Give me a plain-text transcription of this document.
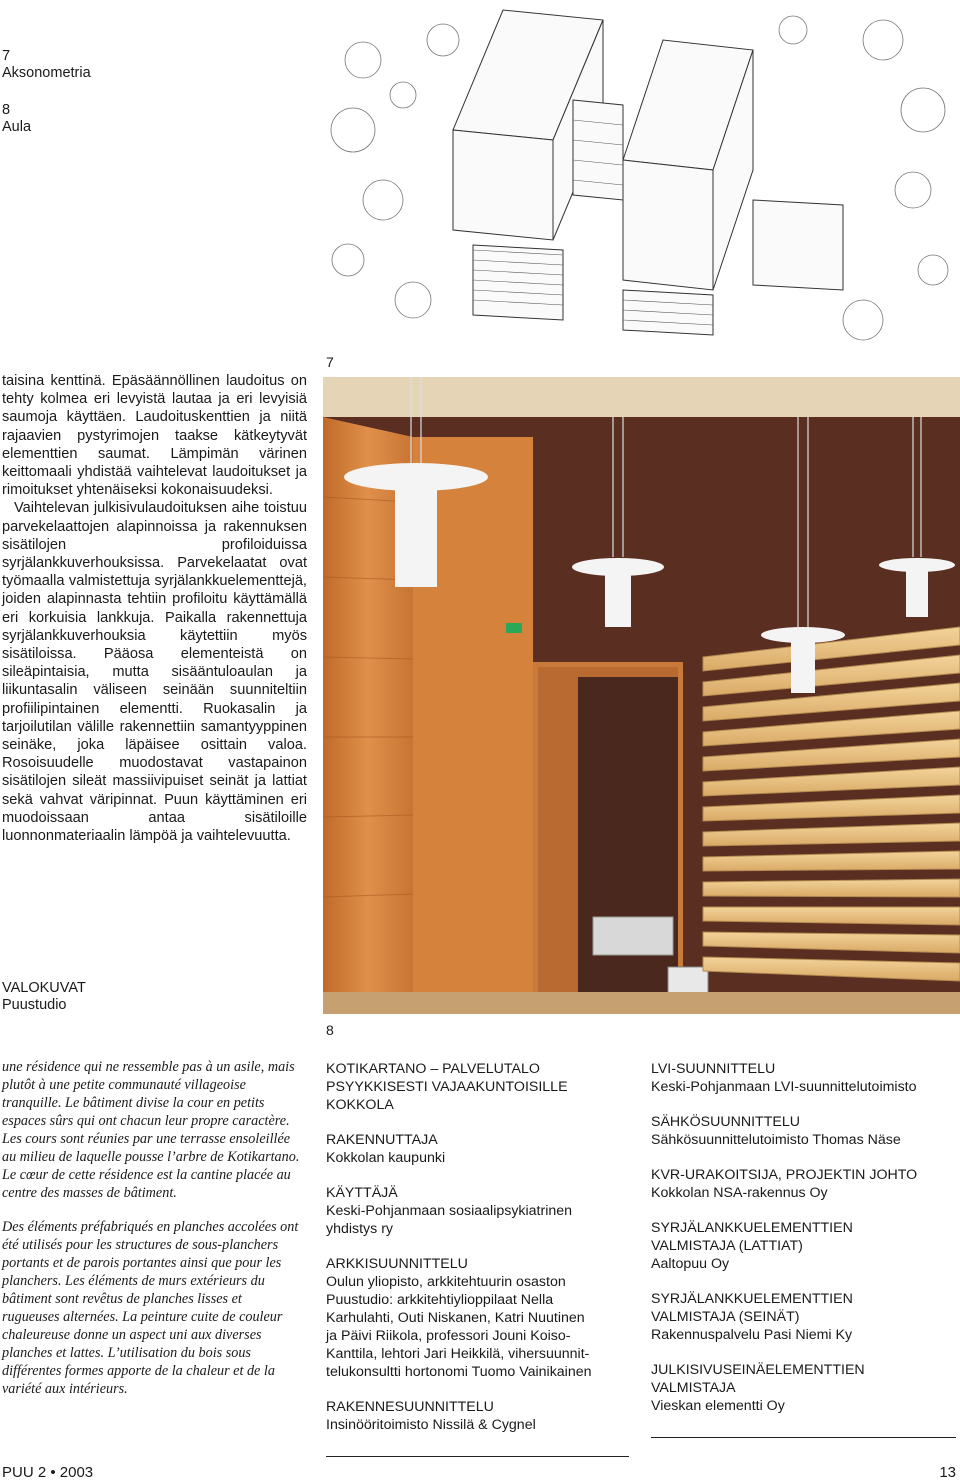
7
Aksonometria
8
Aula
7

taisina kenttinä. Epäsäännöllinen laudoitus on tehty kolmea eri levyistä lautaa ja eri levyisiä saumoja käyttäen. Laudoituskenttien ja niitä rajaavien pystyrimojen taakse kätkeytyvät elementtien saumat. Lämpimän värinen keittomaali yhdistää vaihtelevat laudoitukset ja rimoitukset yhtenäiseksi kokonaisuudeksi.

Vaihtelevan julkisivulaudoituksen aihe toistuu parvekelaattojen alapinnoissa ja rakennuksen sisätilojen profiloiduissa syrjälankkuverhouksissa. Parvekelaatat ovat työmaalla valmistettuja syrjälankkuelementtejä, joiden alapinnasta tehtiin profiloitu käyttämällä eri korkuisia lankkuja. Paikalla rakennettuja syrjälankkuverhouksia käytettiin myös sisätiloissa. Pääosa elementeistä on sileäpintaisia, mutta sisääntuloaulan ja liikuntasalin väliseen seinään suunniteltiin profiilipintainen elementti. Ruokasalin ja tarjoilutilan välille rakennettiin samantyyppinen seinäke, joka läpäisee osittain valoa. Rosoisuudelle muodostavat vastapainon sisätilojen sileät massiivipuiset seinät ja lattiat sekä vahvat väripinnat. Puun käyttäminen eri muodoissaan antaa sisätiloille luonnonmateriaalin lämpöä ja vaihtelevuutta.

VALOKUVAT
Puustudio
8

une résidence qui ne ressemble pas à un asile, mais plutôt à une petite communauté villageoise tranquille. Le bâtiment divise la cour en petits espaces sûrs qui ont chacun leur propre caractère. Les cours sont réunies par une terrasse ensoleillée au milieu de laquelle pousse l’arbre de Kotikartano. Le cœur de cette résidence est la cantine placée au centre des masses de bâtiment.

Des éléments préfabriqués en planches accolées ont été utilisés pour les structures de sous-planchers portants et de parois portantes ainsi que pour les planchers. Les éléments de murs extérieurs du bâtiment sont revêtus de planches lisses et rugueuses alternées. La peinture cuite de couleur chaleureuse donne un aspect uni aux diverses planches et lattes. L’utilisation du bois sous différentes formes apporte de la chaleur et de la variété aux intérieurs.

KOTIKARTANO – PALVELUTALO
PSYYKKISESTI VAJAAKUNTOISILLE
KOKKOLA
RAKENNUTTAJA
Kokkolan kaupunki
KÄYTTÄJÄ
Keski-Pohjanmaan sosiaalipsykiatrinen
yhdistys ry
ARKKISUUNNITTELU
Oulun yliopisto, arkkitehtuurin osaston
Puustudio: arkkitehtiylioppilaat Nella
Karhulahti, Outi Niskanen, Katri Nuutinen
ja Päivi Riikola, professori Jouni Koiso-
Kanttila, lehtori Jari Heikkilä, vihersuunnit-
telukonsultti hortonomi Tuomo Vainikainen
RAKENNESUUNNITTELU
Insinööritoimisto Nissilä & Cygnel
LVI-SUUNNITTELU
Keski-Pohjanmaan LVI-suunnittelutoimisto
SÄHKÖSUUNNITTELU
Sähkösuunnittelutoimisto Thomas Näse
KVR-URAKOITSIJA, PROJEKTIN JOHTO
Kokkolan NSA-rakennus Oy
SYRJÄLANKKUELEMENTTIEN
VALMISTAJA (LATTIAT)
Aaltopuu Oy
SYRJÄLANKKUELEMENTTIEN
VALMISTAJA (SEINÄT)
Rakennuspalvelu Pasi Niemi Ky
JULKISIVUSEINÄELEMENTTIEN
VALMISTAJA
Vieskan elementti Oy
PUU 2 • 2003	13
